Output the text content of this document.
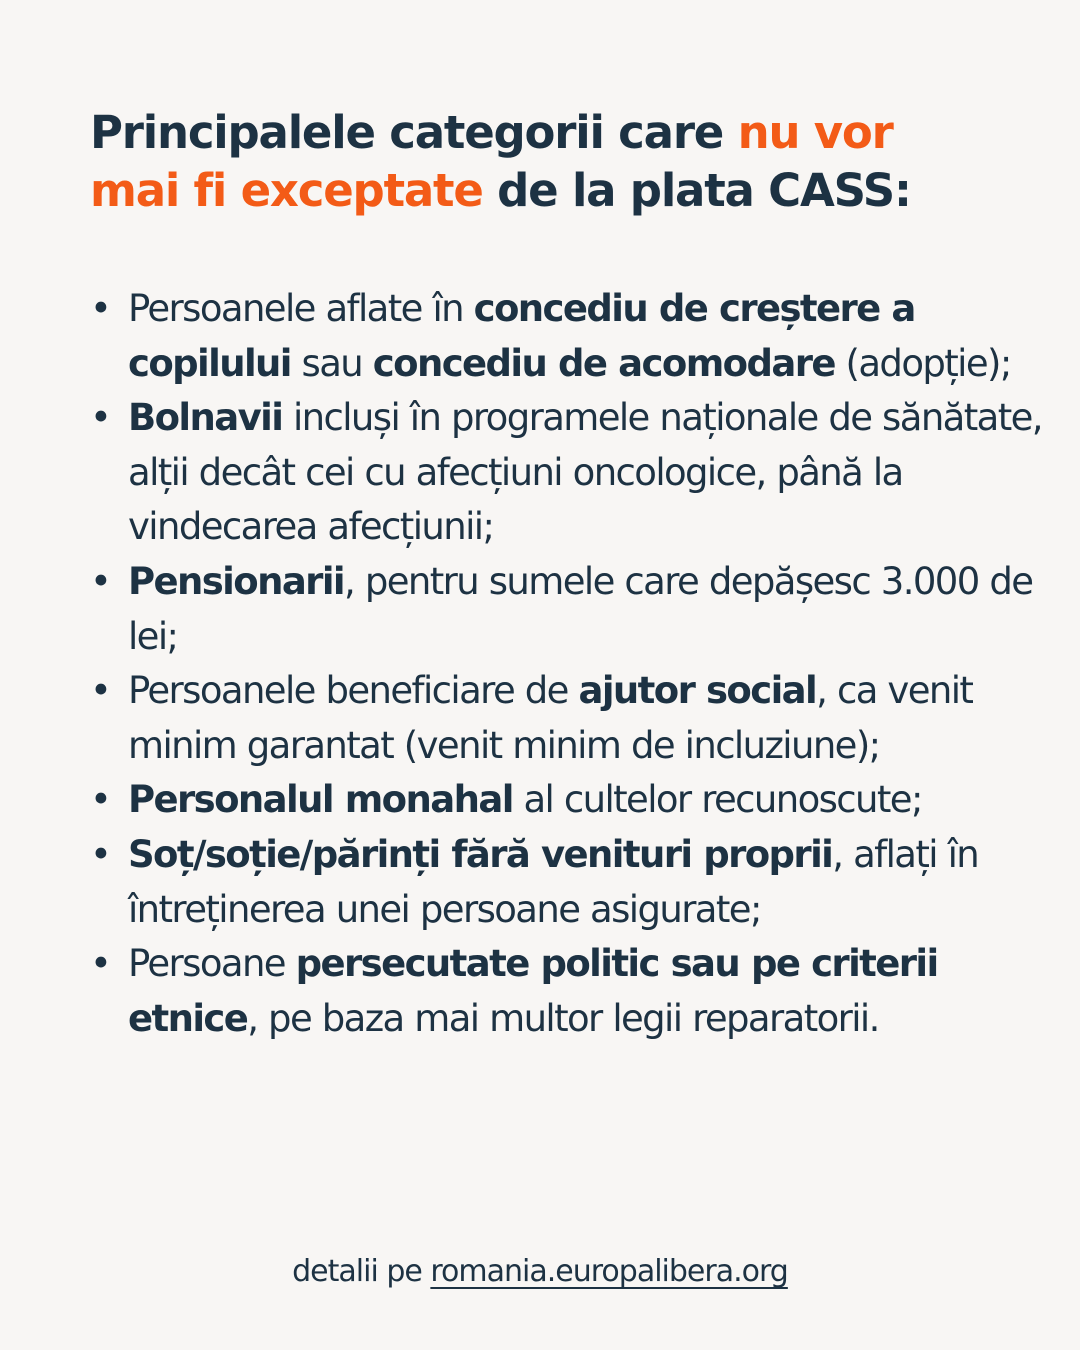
Principalele categorii care nu vor mai fi exceptate de la plata CASS:
• Persoanele aflate în concediu de creștere a copilului sau concediu de acomodare (adopție);
• Bolnavii incluși în programele naționale de sănătate, alții decât cei cu afecțiuni oncologice, până la vindecarea afecțiunii;
• Pensionarii, pentru sumele care depășesc 3.000 de lei;
• Persoanele beneficiare de ajutor social, ca venit minim garantat (venit minim de incluziune);
• Personalul monahal al cultelor recunoscute;
• Soț/soție/părinți fără venituri proprii, aflați în întreținerea unei persoane asigurate;
• Persoane persecutate politic sau pe criterii etnice, pe baza mai multor legii reparatorii.
detalii pe romania.europalibera.org
